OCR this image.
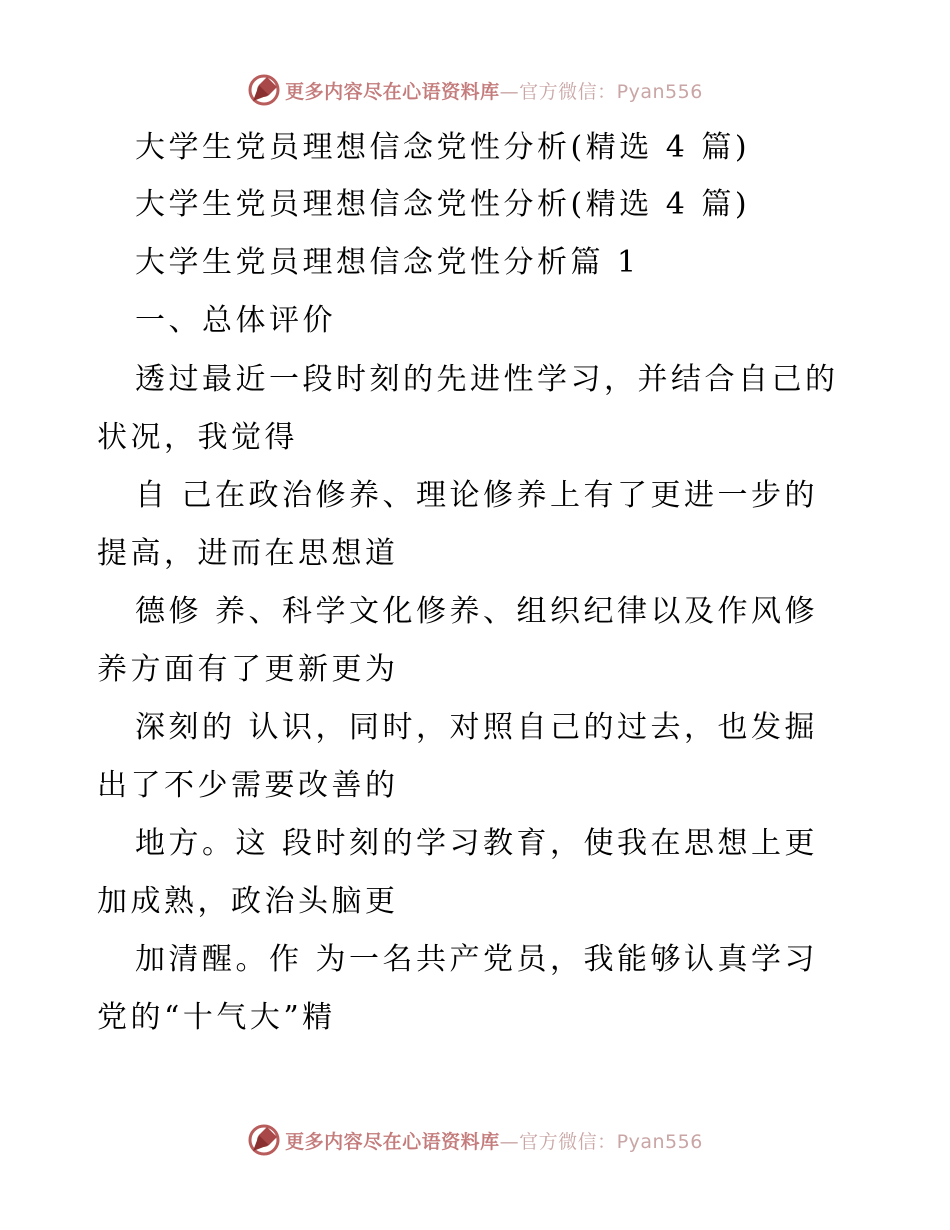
更多内容尽在心语资料库—官方微信：Pyan556
大学生党员理想信念党性分析(精选 4 篇)
大学生党员理想信念党性分析(精选 4 篇)
大学生党员理想信念党性分析篇 1
一、总体评价
透过最近一段时刻的先进性学习，并结合自己的
状况，我觉得
自 己在政治修养、理论修养上有了更进一步的
提高，进而在思想道
德修 养、科学文化修养、组织纪律以及作风修
养方面有了更新更为
深刻的 认识，同时，对照自己的过去，也发掘
出了不少需要改善的
地方。这 段时刻的学习教育，使我在思想上更
加成熟，政治头脑更
加清醒。作 为一名共产党员，我能够认真学习
党的“十气大”精
更多内容尽在心语资料库—官方微信：Pyan556
